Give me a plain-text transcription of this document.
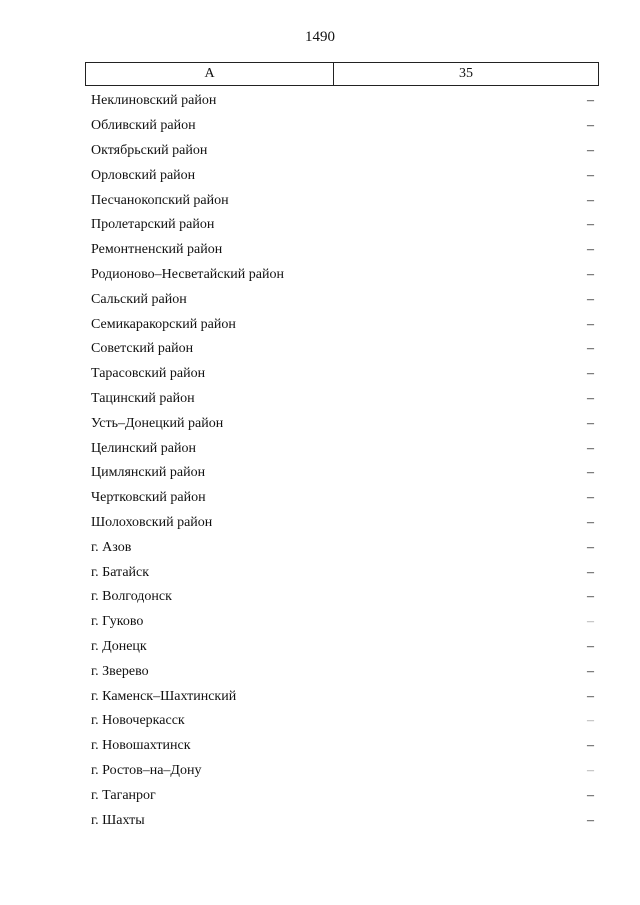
1490
А	35
Неклиновский район	–
Обливский район	–
Октябрьский район	–
Орловский район	–
Песчанокопский район	–
Пролетарский район	–
Ремонтненский район	–
Родионово–Несветайский район	–
Сальский район	–
Семикаракорский район	–
Советский район	–
Тарасовский район	–
Тацинский район	–
Усть–Донецкий район	–
Целинский район	–
Цимлянский район	–
Чертковский район	–
Шолоховский район	–
г. Азов	–
г. Батайск	–
г. Волгодонск	–
г. Гуково	–
г. Донецк	–
г. Зверево	–
г. Каменск–Шахтинский	–
г. Новочеркасск	–
г. Новошахтинск	–
г. Ростов–на–Дону	–
г. Таганрог	–
г. Шахты	–
